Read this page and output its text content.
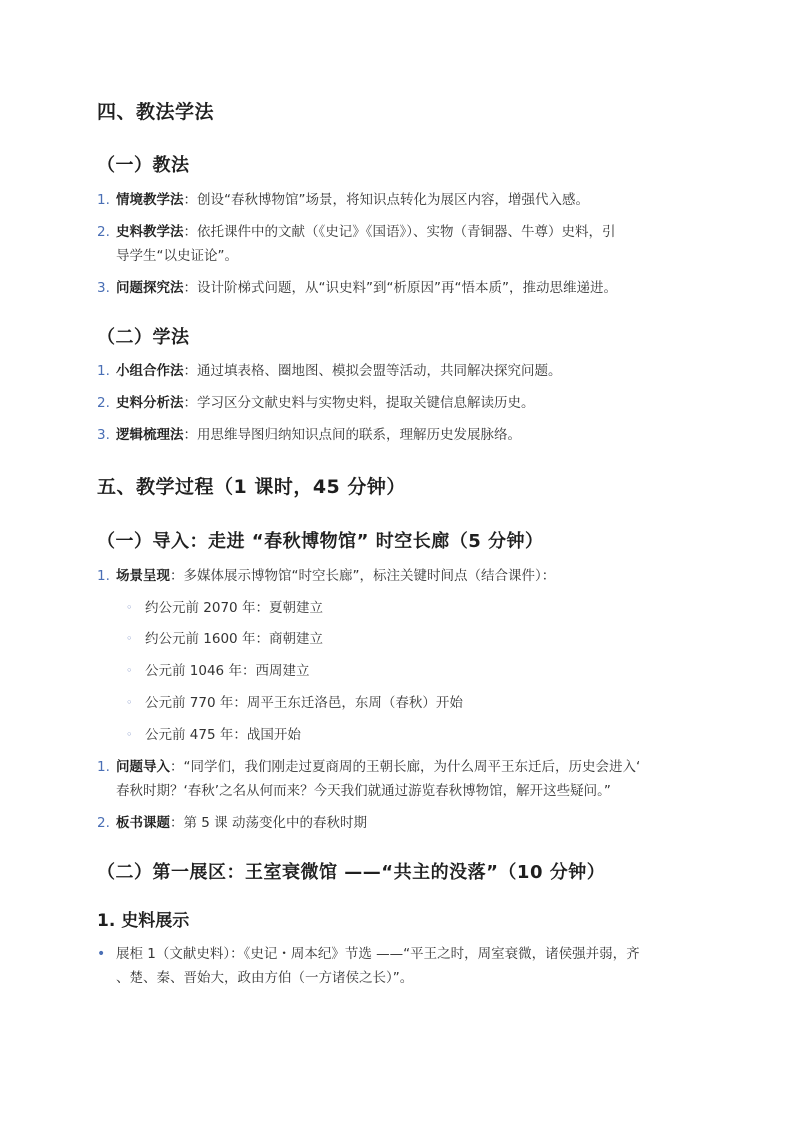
四、教法学法
（一）教法
1. 情境教学法：创设“春秋博物馆”场景，将知识点转化为展区内容，增强代入感。
2. 史料教学法：依托课件中的文献（《史记》《国语》）、实物（青铜器、牛尊）史料，引
导学生“以史证论”。
3. 问题探究法：设计阶梯式问题，从“识史料”到“析原因”再“悟本质”，推动思维递进。
（二）学法
1. 小组合作法：通过填表格、圈地图、模拟会盟等活动，共同解决探究问题。
2. 史料分析法：学习区分文献史料与实物史料，提取关键信息解读历史。
3. 逻辑梳理法：用思维导图归纳知识点间的联系，理解历史发展脉络。
五、教学过程（1 课时，45 分钟）
（一）导入：走进 “春秋博物馆” 时空长廊（5 分钟）
1. 场景呈现：多媒体展示博物馆“时空长廊”，标注关键时间点（结合课件）：
◦ 约公元前 2070 年：夏朝建立
◦ 约公元前 1600 年：商朝建立
◦ 公元前 1046 年：西周建立
◦ 公元前 770 年：周平王东迁洛邑，东周（春秋）开始
◦ 公元前 475 年：战国开始
1. 问题导入：“同学们，我们刚走过夏商周的王朝长廊，为什么周平王东迁后，历史会进入‘
春秋时期？‘春秋’之名从何而来？今天我们就通过游览春秋博物馆，解开这些疑问。”
2. 板书课题：第 5 课 动荡变化中的春秋时期
（二）第一展区：王室衰微馆 ——“共主的没落”（10 分钟）
1. 史料展示
• 展柜 1（文献史料）：《史记・周本纪》节选 ——“平王之时，周室衰微，诸侯强并弱，齐
、楚、秦、晋始大，政由方伯（一方诸侯之长）”。
